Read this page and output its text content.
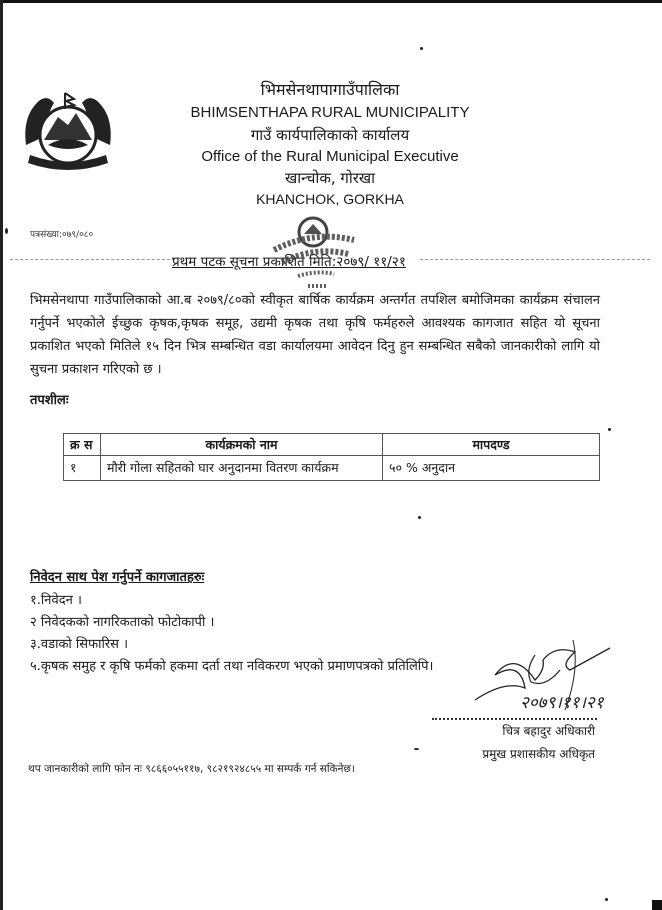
भिमसेनथापागाउँपालिका
BHIMSENTHAPA RURAL MUNICIPALITY
गाउँ कार्यपालिकाको कार्यालय
Office of the Rural Municipal Executive
खान्चोक, गोरखा
KHANCHOK, GORKHA
पत्रसंख्या:०७९/०८०
प्रथम पटक सूचना प्रकाशित मिति:२०७९/ ११/२१
भिमसेनथापा गाउँपालिकाको आ.ब २०७९/८०को स्वीकृत बार्षिक कार्यक्रम अन्तर्गत तपशिल बमोजिमका कार्यक्रम संचालन गर्नुपर्ने भएकोले ईच्छुक कृषक,कृषक समूह, उद्यमी कृषक तथा कृषि फर्महरुले आवश्यक कागजात सहित यो सूचना प्रकाशित भएको मितिले १५ दिन भित्र सम्बन्धित वडा कार्यालयमा आवेदन दिनु हुन सम्बन्धित सबैको जानकारीको लागि यो सुचना प्रकाशन गरिएको छ ।
तपशीलः
क्र स	कार्यक्रमको नाम	मापदण्ड
१	मौरी गोला सहितको घार अनुदानमा वितरण कार्यक्रम	५० % अनुदान
निवेदन साथ पेश गर्नुपर्ने कागजातहरुः
१.निवेदन ।
२ निवेदकको नागरिकताको फोटोकापी ।
३.वडाको सिफारिस ।
५.कृषक समुह र कृषि फर्मको हकमा दर्ता तथा नविकरण भएको प्रमाणपत्रको प्रतिलिपि।
२०७९।११।२१
चित्र बहादुर अधिकारी
प्रमुख प्रशासकीय अधिकृत
थप जानकारीको लागि फोन नः ९८६६०५५११७, ९८२१९२४८५५ मा सम्पर्क गर्न सकिनेछ।
